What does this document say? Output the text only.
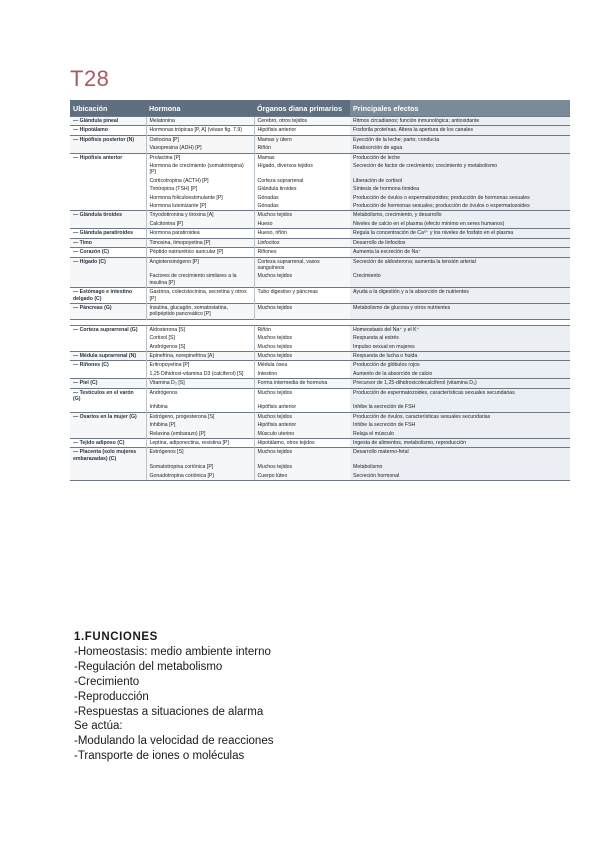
T28
Ubicación	Hormona	Órganos diana primarios	Principales efectos
— Glándula pineal	Melatonina	Cerebro, otros tejidos	Ritmos circadianos; función inmunológica; antioxidante
— Hipotálamo	Hormonas trópicas [P, A] (véase fig. 7.9)	Hipófisis anterior	Fosforila proteínas. Altera la apertura de los canales
— Hipófisis posterior (N)	Oxitocina [P]	Mamas y útero	Eyección de la leche; parto; conducta
	Vasopresina (ADH) [P]	Riñón	Reabsorción de agua
— Hipófisis anterior	Prolactina [P]	Mamas	Producción de leche
	Hormona de crecimiento (somatotropina) [P]	Hígado, diversos tejidos	Secreción de factor de crecimiento; crecimiento y metabolismo
	Corticotropina (ACTH) [P]	Corteza suprarrenal	Liberación de cortisol
	Tirotropina (TSH) [P]	Glándula tiroides	Síntesis de hormona tiroidea
	Hormona foliculoestimulante [P]	Gónadas	Producción de óvulos o espermatozoides; producción de hormonas sexuales
	Hormona luteinizante [P]	Gónadas	Producción de hormonas sexuales; producción de óvulos o espermatozoides
— Glándula tiroides	Triyodotironina y tiroxina [A]	Muchos tejidos	Metabolismo, crecimiento, y desarrollo
	Calcitonina [P]	Hueso	Niveles de calcio en el plasma (efecto mínimo en seres humanos)
— Glándula paratiroides	Hormona paratiroidea	Hueso, riñón	Regula la concentración de Ca²⁺ y los niveles de fosfato en el plasma
— Timo	Timosina, timopoyetina [P]	Linfocitos	Desarrollo de linfocitos
— Corazón (C)	Péptido natriurético auricular [P]	Riñones	Aumenta la excreción de Na⁺
— Hígado (C)	Angiotensinógeno [P]	Corteza suprarrenal, vasos sanguíneos	Secreción de aldosterona; aumenta la tensión arterial
	Factores de crecimiento similares a la insulina [P]	Muchos tejidos	Crecimiento
— Estómago e intestino delgado (C)	Gastrina, colecistocinina, secretina y otros [P]	Tubo digestivo y páncreas	Ayuda a la digestión y a la absorción de nutrientes
— Páncreas (G)	Insulina, glucagón, somatostatina, polipéptido pancreático [P]	Muchos tejidos	Metabolismo de glucosa y otros nutrientes

— Corteza suprarrenal (G)	Aldosterona [S]	Riñón	Homeostasis del Na⁺ y el K⁺
	Cortisol [S]	Muchos tejidos	Respuesta al estrés
	Andrógenos [S]	Muchos tejidos	Impulso sexual en mujeres
— Médula suprarrenal (N)	Epinefrina, norepinefrina [A]	Muchos tejidos	Respuesta de lucha o huida
— Riñones (C)	Eritropoyetina [P]	Médula ósea	Producción de glóbulos rojos
	1,25 Dihidroxi-vitamina D3 (calciferol) [S]	Intestino	Aumento de la absorción de calcio
— Piel (C)	Vitamina D₃ [S]	Forma intermedia de hormona	Precursor de 1,25-dihidroxicolecalciferol (vitamina D₃)
— Testículos en el varón (G)	Andrógenos	Muchos tejidos	Producción de espermatozoides, características sexuales secundarias
	Inhibina	Hipófisis anterior	Inhibe la secreción de FSH
— Ovarios en la mujer (G)	Estrógeno, progesterona [S]	Muchos tejidos	Producción de óvulos, características sexuales secundarias
	Inhibina [P]	Hipófisis anterior	Inhibe la secreción de FSH
	Relaxina (embarazo) [P]	Músculo uterino	Relaja el músculo
— Tejido adiposo (C)	Leptina, adiponectina, resistina [P]	Hipotálamo, otros tejidos	Ingesta de alimentos, metabolismo, reproducción
— Placenta (solo mujeres embarazadas) (C)	Estrógenos [S]	Muchos tejidos	Desarrollo materno-fetal
	Somatotropina coriónica [P]	Muchos tejidos	Metabolismo
	Gonadotropina coriónica [P]	Cuerpo lúteo	Secreción hormonal
1.FUNCIONES
-Homeostasis: medio ambiente interno
-Regulación del metabolismo
-Crecimiento
-Reproducción
-Respuestas a situaciones de alarma
Se actúa:
-Modulando la velocidad de reacciones
-Transporte de iones o moléculas
